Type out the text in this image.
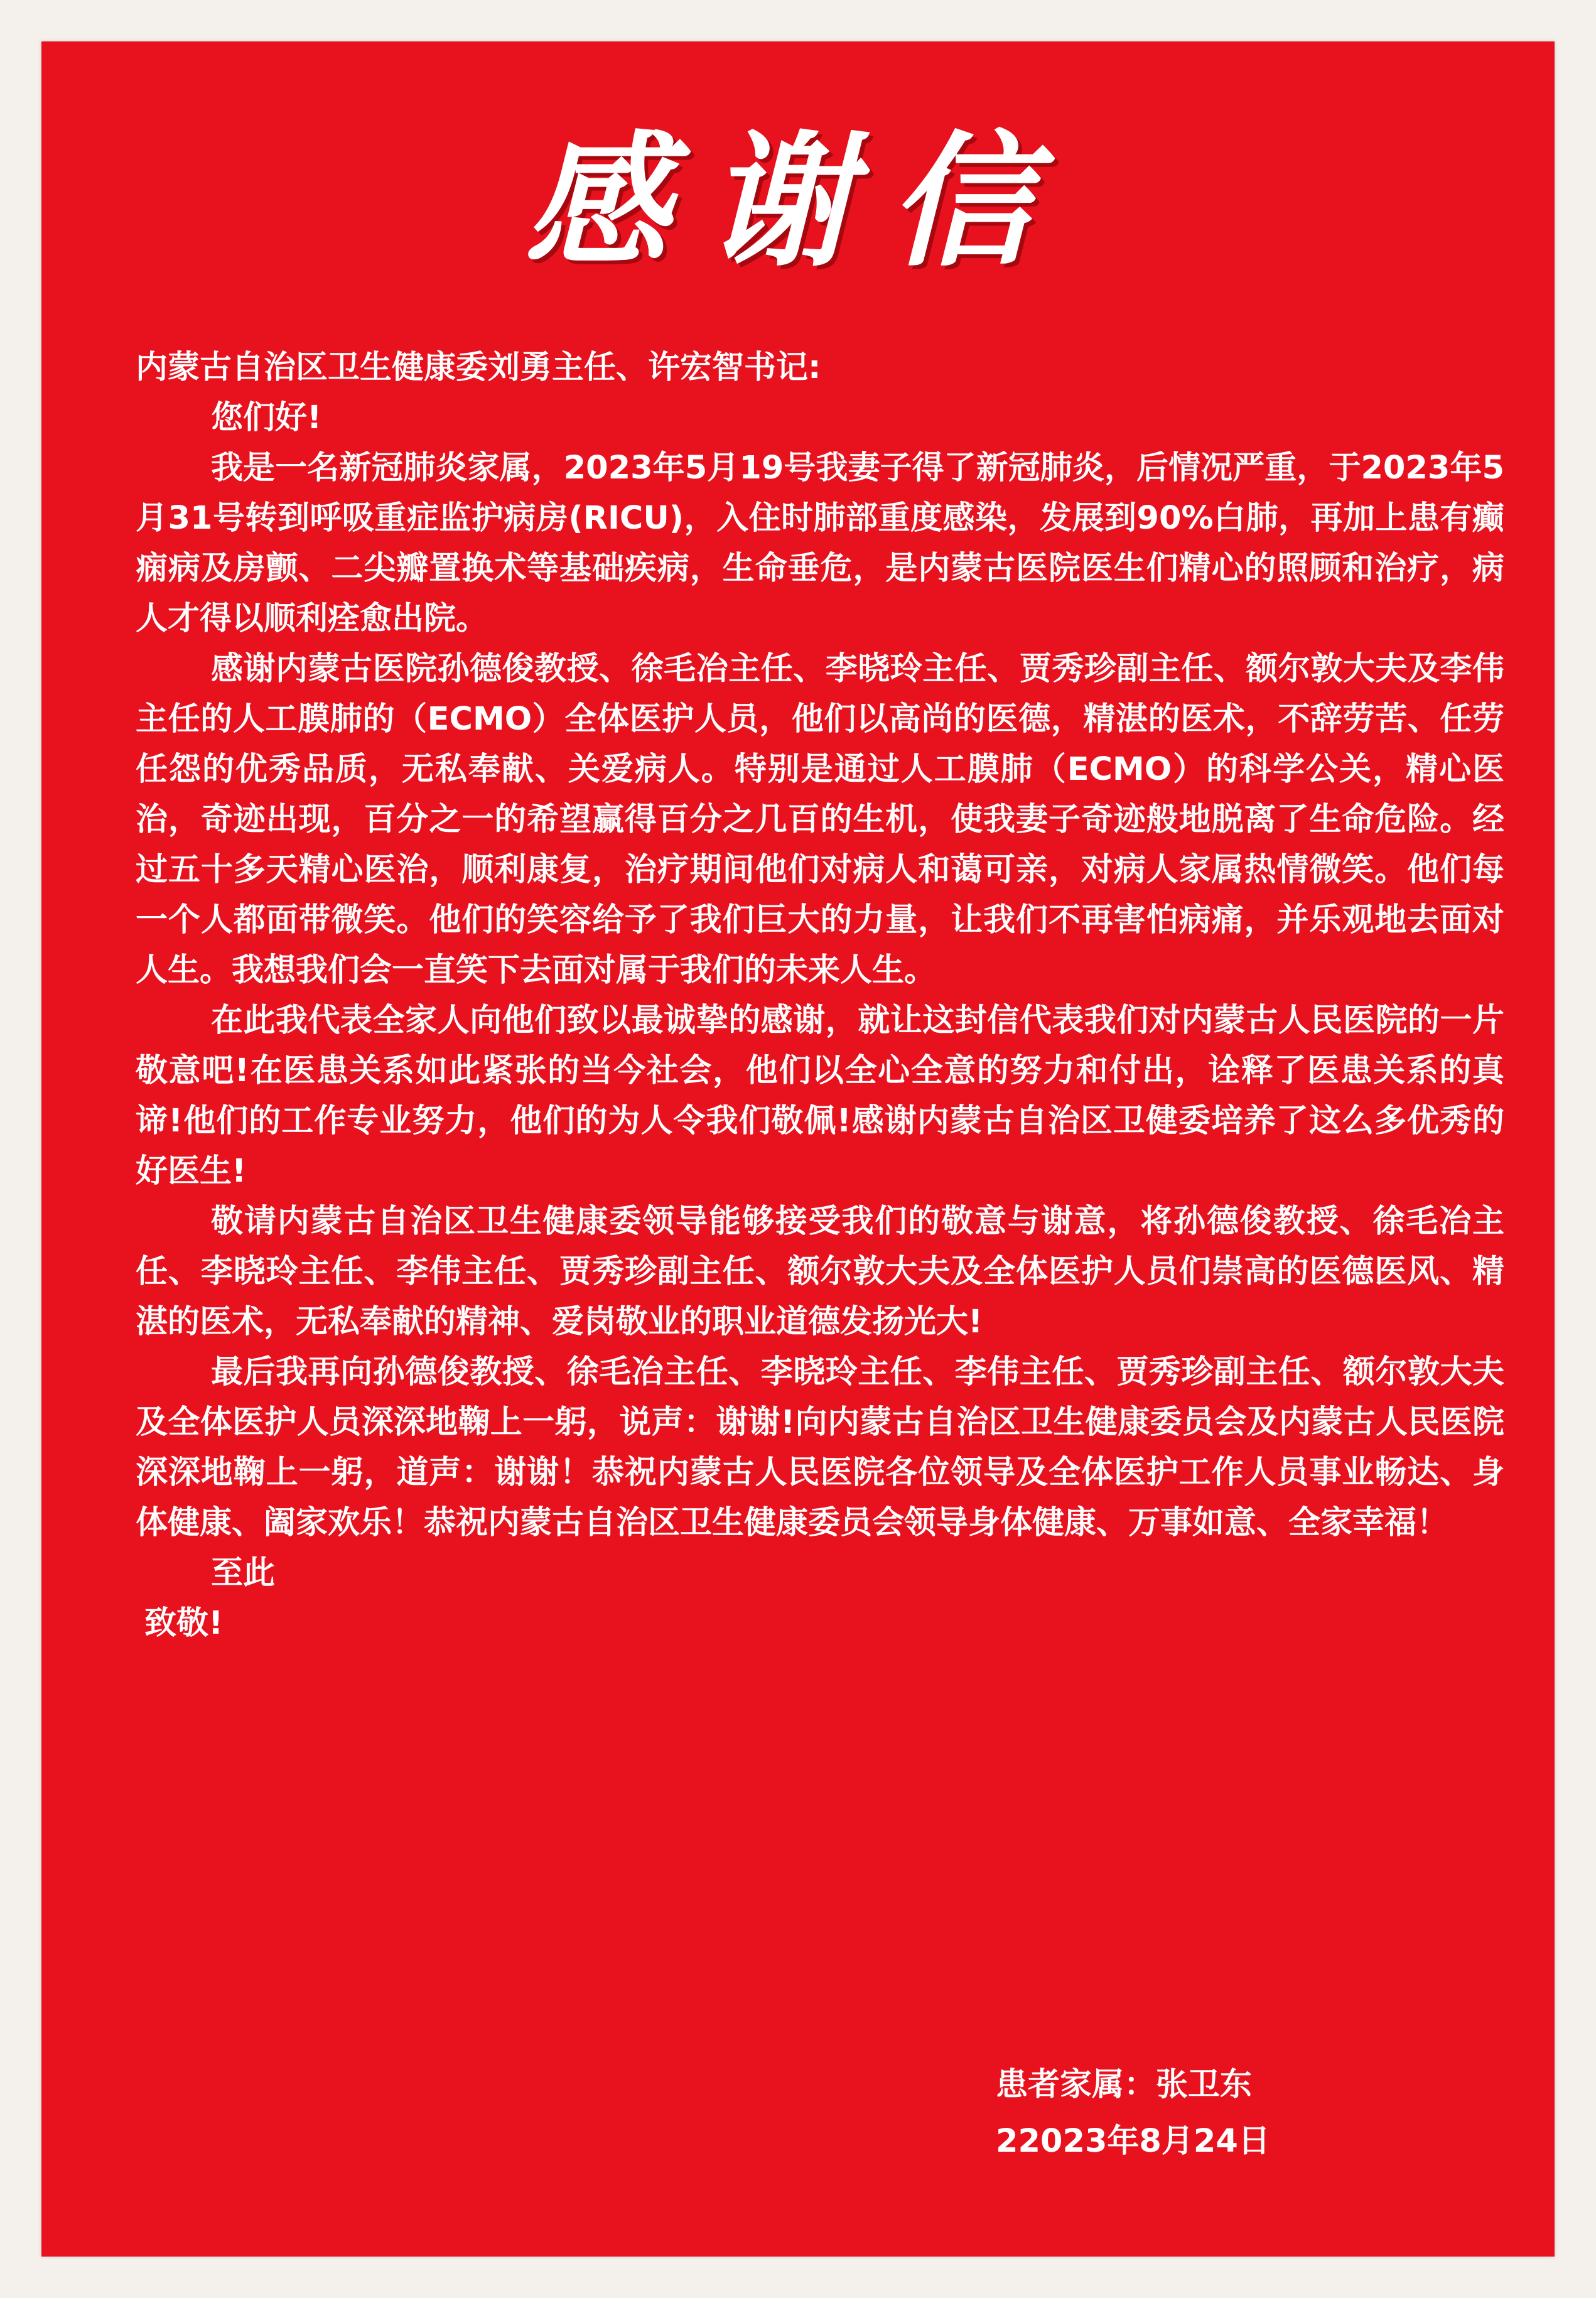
感谢信

内蒙古自治区卫生健康委刘勇主任、许宏智书记:

您们好!

我是一名新冠肺炎家属，2023年5月19号我妻子得了新冠肺炎，后情况严重，于2023年5月31号转到呼吸重症监护病房(RICU)，入住时肺部重度感染，发展到90%白肺，再加上患有癫痫病及房颤、二尖瓣置换术等基础疾病，生命垂危，是内蒙古医院医生们精心的照顾和治疗，病人才得以顺利痊愈出院。

感谢内蒙古医院孙德俊教授、徐毛冶主任、李晓玲主任、贾秀珍副主任、额尔敦大夫及李伟主任的人工膜肺的（ECMO）全体医护人员，他们以高尚的医德，精湛的医术，不辞劳苦、任劳任怨的优秀品质，无私奉献、关爱病人。特别是通过人工膜肺（ECMO）的科学公关，精心医治，奇迹出现，百分之一的希望赢得百分之几百的生机，使我妻子奇迹般地脱离了生命危险。经过五十多天精心医治，顺利康复，治疗期间他们对病人和蔼可亲，对病人家属热情微笑。他们每一个人都面带微笑。他们的笑容给予了我们巨大的力量，让我们不再害怕病痛，并乐观地去面对人生。我想我们会一直笑下去面对属于我们的未来人生。

在此我代表全家人向他们致以最诚挚的感谢，就让这封信代表我们对内蒙古人民医院的一片敬意吧!在医患关系如此紧张的当今社会，他们以全心全意的努力和付出，诠释了医患关系的真谛!他们的工作专业努力，他们的为人令我们敬佩!感谢内蒙古自治区卫健委培养了这么多优秀的好医生!

敬请内蒙古自治区卫生健康委领导能够接受我们的敬意与谢意，将孙德俊教授、徐毛冶主任、李晓玲主任、李伟主任、贾秀珍副主任、额尔敦大夫及全体医护人员们崇高的医德医风、精湛的医术，无私奉献的精神、爱岗敬业的职业道德发扬光大!

最后我再向孙德俊教授、徐毛冶主任、李晓玲主任、李伟主任、贾秀珍副主任、额尔敦大夫及全体医护人员深深地鞠上一躬，说声：谢谢!向内蒙古自治区卫生健康委员会及内蒙古人民医院深深地鞠上一躬，道声：谢谢！恭祝内蒙古人民医院各位领导及全体医护工作人员事业畅达、身体健康、阖家欢乐！恭祝内蒙古自治区卫生健康委员会领导身体健康、万事如意、全家幸福！

至此

致敬!

患者家属：张卫东
22023年8月24日
